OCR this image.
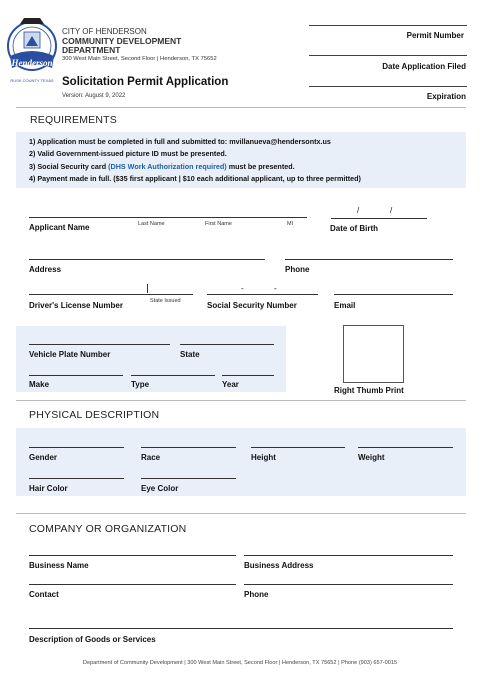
Henderson
RUSK COUNTY TEXAS
CITY OF HENDERSON
COMMUNITY DEVELOPMENT
DEPARTMENT
300 West Main Street, Second Floor | Henderson, TX 75652
Solicitation Permit Application
Version: August 9, 2022
Permit Number
Date Application Filed
Expiration
REQUIREMENTS
1) Application must be completed in full and submitted to: mvillanueva@hendersontx.us
2) Valid Government-issued picture ID must be presented.
3) Social Security card (DHS Work Authorization required) must be presented.
4) Payment made in full. ($35 first applicant | $10 each additional applicant, up to three permitted)
Applicant Name	Last Name	First Name	MI
/	/
Date of Birth
Address	Phone
Driver's License Number	State Issued
-	-
Social Security Number	Email
Vehicle Plate Number	State
Make	Type	Year
Right Thumb Print
PHYSICAL DESCRIPTION
Gender	Race	Height	Weight
Hair Color	Eye Color
COMPANY OR ORGANIZATION
Business Name	Business Address
Contact	Phone
Description of Goods or Services
Department of Community Development | 300 West Main Street, Second Floor | Henderson, TX 75652 | Phone (903) 657-0015
